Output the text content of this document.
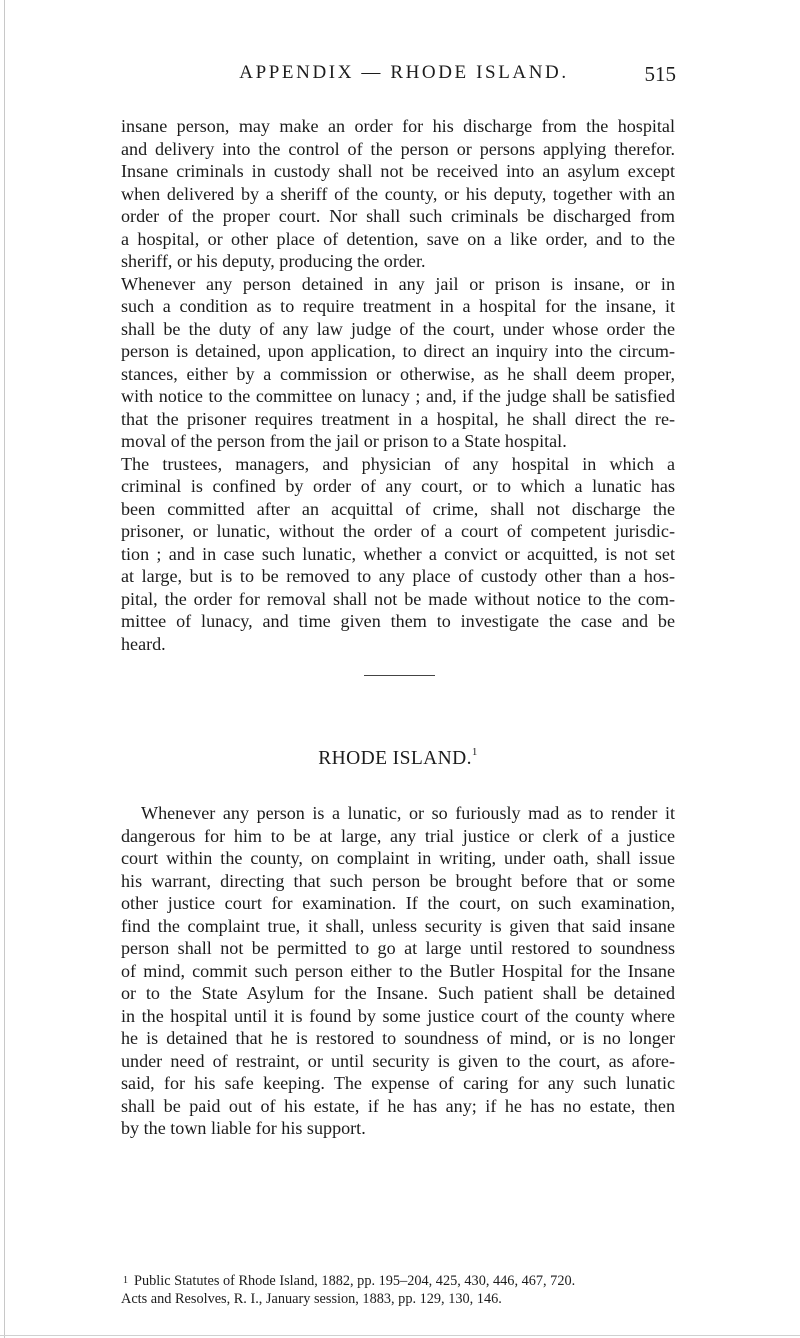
APPENDIX — RHODE ISLAND.	515
insane person, may make an order for his discharge from the hospital
and delivery into the control of the person or persons applying therefor.
Insane criminals in custody shall not be received into an asylum except
when delivered by a sheriff of the county, or his deputy, together with an
order of the proper court. Nor shall such criminals be discharged from
a hospital, or other place of detention, save on a like order, and to the
sheriff, or his deputy, producing the order.
Whenever any person detained in any jail or prison is insane, or in
such a condition as to require treatment in a hospital for the insane, it
shall be the duty of any law judge of the court, under whose order the
person is detained, upon application, to direct an inquiry into the circum-
stances, either by a commission or otherwise, as he shall deem proper,
with notice to the committee on lunacy ; and, if the judge shall be satisfied
that the prisoner requires treatment in a hospital, he shall direct the re-
moval of the person from the jail or prison to a State hospital.
The trustees, managers, and physician of any hospital in which a
criminal is confined by order of any court, or to which a lunatic has
been committed after an acquittal of crime, shall not discharge the
prisoner, or lunatic, without the order of a court of competent jurisdic-
tion ; and in case such lunatic, whether a convict or acquitted, is not set
at large, but is to be removed to any place of custody other than a hos-
pital, the order for removal shall not be made without notice to the com-
mittee of lunacy, and time given them to investigate the case and be
heard.
RHODE ISLAND.$^1$
Whenever any person is a lunatic, or so furiously mad as to render it
dangerous for him to be at large, any trial justice or clerk of a justice
court within the county, on complaint in writing, under oath, shall issue
his warrant, directing that such person be brought before that or some
other justice court for examination. If the court, on such examination,
find the complaint true, it shall, unless security is given that said insane
person shall not be permitted to go at large until restored to soundness
of mind, commit such person either to the Butler Hospital for the Insane
or to the State Asylum for the Insane. Such patient shall be detained
in the hospital until it is found by some justice court of the county where
he is detained that he is restored to soundness of mind, or is no longer
under need of restraint, or until security is given to the court, as afore-
said, for his safe keeping. The expense of caring for any such lunatic
shall be paid out of his estate, if he has any; if he has no estate, then
by the town liable for his support.
$^1$ Public Statutes of Rhode Island, 1882, pp. 195–204, 425, 430, 446, 467, 720.
Acts and Resolves, R. I., January session, 1883, pp. 129, 130, 146.
